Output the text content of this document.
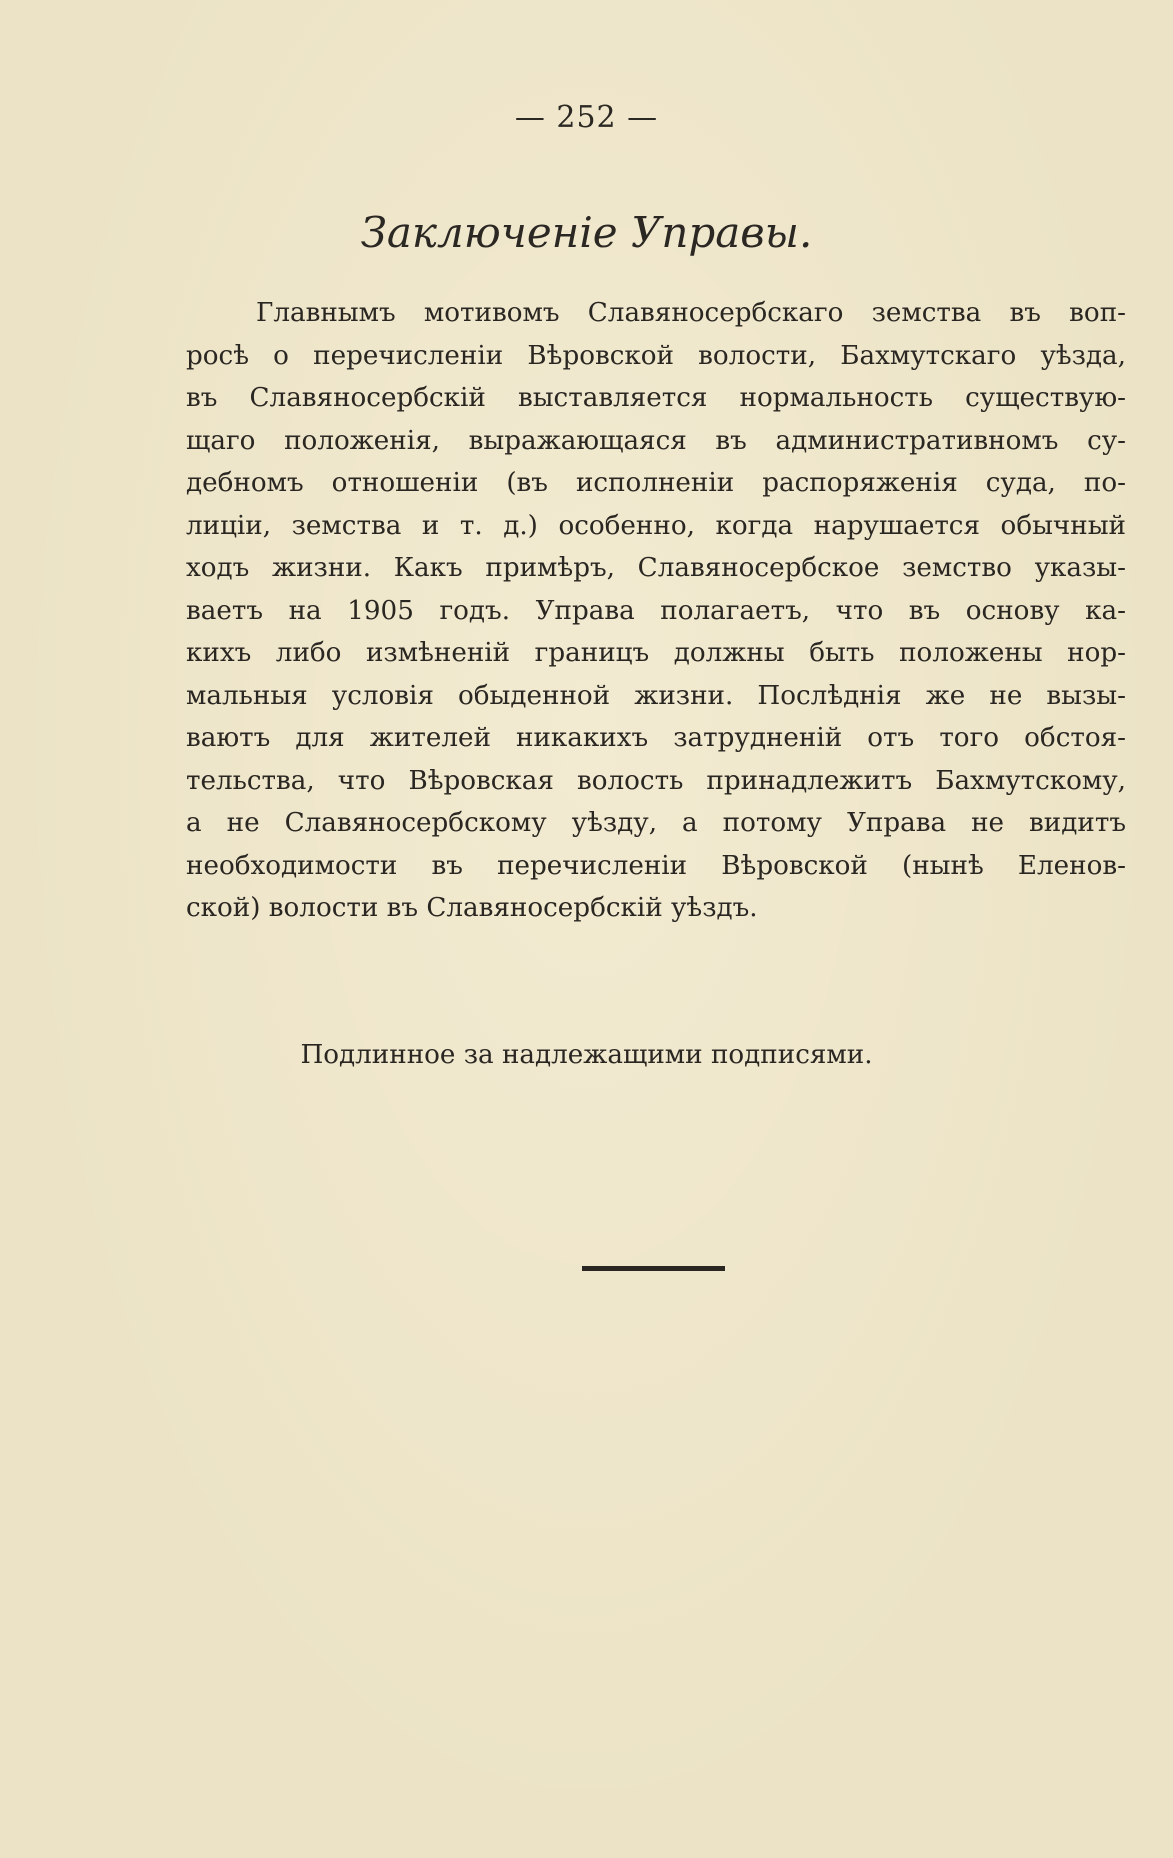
— 252 —
Заключенiе Управы.
Главнымъ мотивомъ Славяносербскаго земства въ воп-
росѣ о перечисленiи Вѣровской волости, Бахмутскаго уѣзда,
въ Славяносербскiй выставляется нормальность существую-
щаго положенiя, выражающаяся въ административномъ су-
дебномъ отношенiи (въ исполненiи распоряженiя суда, по-
лицiи, земства и т. д.) особенно, когда нарушается обычный
ходъ жизни. Какъ примѣръ, Славяносербское земство указы-
ваетъ на 1905 годъ. Управа полагаетъ, что въ основу ка-
кихъ либо измѣненiй границъ должны быть положены нор-
мальныя условiя обыденной жизни. Послѣднiя же не вызы-
ваютъ для жителей никакихъ затрудненiй отъ того обстоя-
тельства, что Вѣровская волость принадлежитъ Бахмутскому,
а не Славяносербскому уѣзду, а потому Управа не видитъ
необходимости въ перечисленiи Вѣровской (нынѣ Еленов-
ской) волости въ Славяносербскiй уѣздъ.
Подлинное за надлежащими подписями.
